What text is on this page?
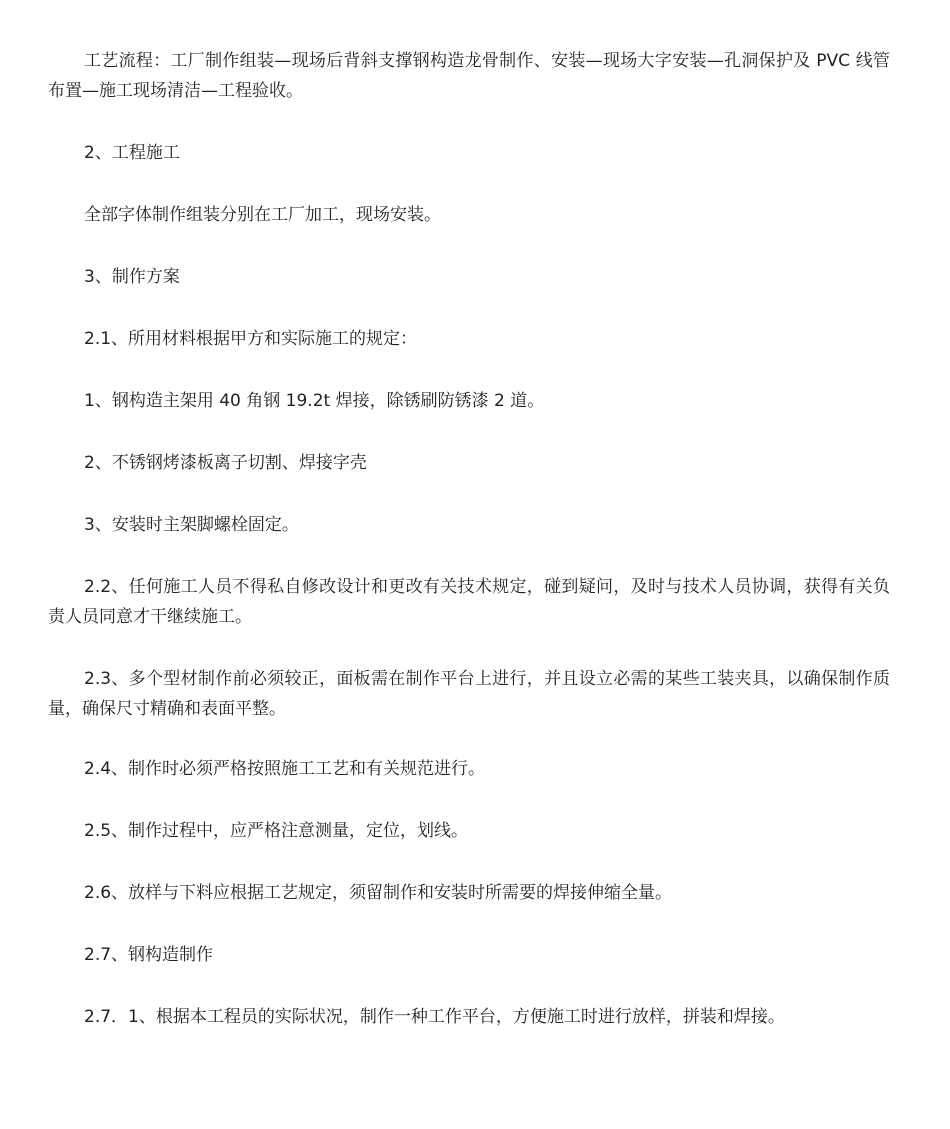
工艺流程：工厂制作组装—现场后背斜支撑钢构造龙骨制作、安装—现场大字安装—孔洞保护及 PVC 线管布置—施工现场清洁—工程验收。

2、工程施工

全部字体制作组装分别在工厂加工，现场安装。

3、制作方案

2.1、所用材料根据甲方和实际施工的规定：

1、钢构造主架用 40 角钢 19.2t 焊接，除锈刷防锈漆 2 道。

2、不锈钢烤漆板离子切割、焊接字壳

3、安装时主架脚螺栓固定。

2.2、任何施工人员不得私自修改设计和更改有关技术规定，碰到疑问，及时与技术人员协调，获得有关负责人员同意才干继续施工。

2.3、多个型材制作前必须较正，面板需在制作平台上进行，并且设立必需的某些工装夹具，以确保制作质量，确保尺寸精确和表面平整。

2.4、制作时必须严格按照施工工艺和有关规范进行。

2.5、制作过程中，应严格注意测量，定位，划线。

2.6、放样与下料应根据工艺规定，须留制作和安装时所需要的焊接伸缩全量。

2.7、钢构造制作

2.7．1、根据本工程员的实际状况，制作一种工作平台，方便施工时进行放样，拼装和焊接。
